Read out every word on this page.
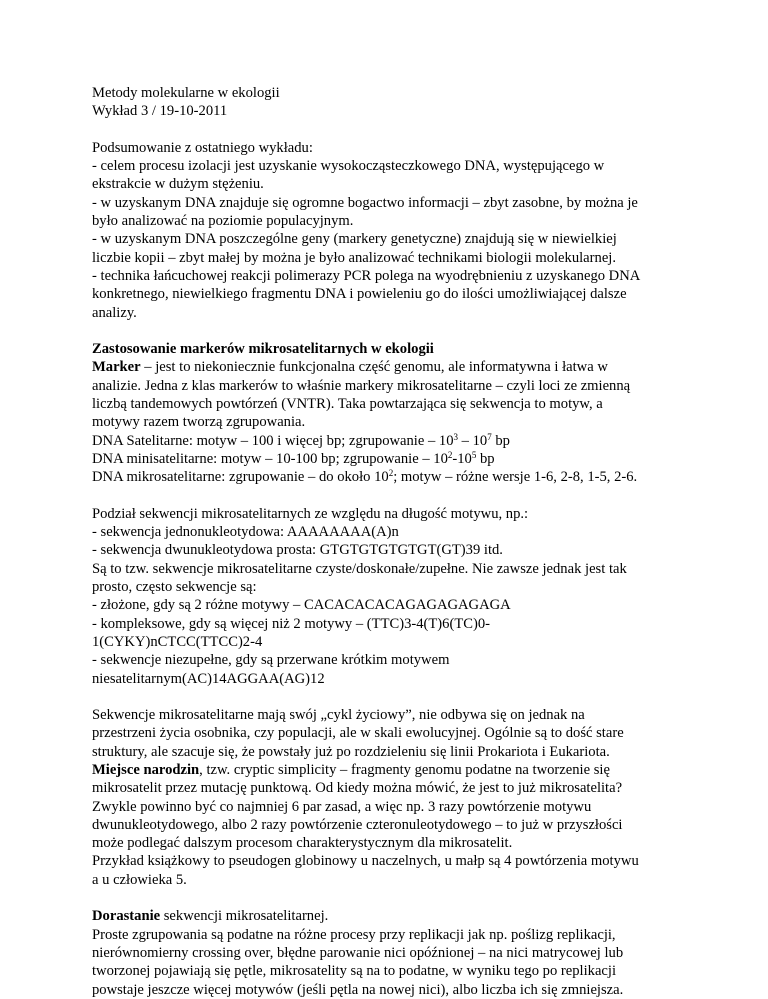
Metody molekularne w ekologii
Wykład 3 / 19-10-2011
Podsumowanie z ostatniego wykładu:
- celem procesu izolacji jest uzyskanie wysokocząsteczkowego DNA, występującego w
ekstrakcie w dużym stężeniu.
- w uzyskanym DNA znajduje się ogromne bogactwo informacji – zbyt zasobne, by można je
było analizować na poziomie populacyjnym.
- w uzyskanym DNA poszczególne geny (markery genetyczne) znajdują się w niewielkiej
liczbie kopii – zbyt małej by można je było analizować technikami biologii molekularnej.
- technika łańcuchowej reakcji polimerazy PCR polega na wyodrębnieniu z uzyskanego DNA
konkretnego, niewielkiego fragmentu DNA i powieleniu go do ilości umożliwiającej dalsze
analizy.
Zastosowanie markerów mikrosatelitarnych w ekologii
Marker – jest to niekoniecznie funkcjonalna część genomu, ale informatywna i łatwa w
analizie. Jedna z klas markerów to właśnie markery mikrosatelitarne – czyli loci ze zmienną
liczbą tandemowych powtórzeń (VNTR). Taka powtarzająca się sekwencja to motyw, a
motywy razem tworzą zgrupowania.
DNA Satelitarne: motyw – 100 i więcej bp; zgrupowanie – $10^3 - 10^7$ bp
DNA minisatelitarne: motyw – 10-100 bp; zgrupowanie – $10^2-10^5$ bp
DNA mikrosatelitarne: zgrupowanie – do około $10^2$; motyw – różne wersje 1-6, 2-8, 1-5, 2-6.
Podział sekwencji mikrosatelitarnych ze względu na długość motywu, np.:
- sekwencja jednonukleotydowa: AAAAAAAA(A)n
- sekwencja dwunukleotydowa prosta: GTGTGTGTGTGT(GT)39 itd.
Są to tzw. sekwencje mikrosatelitarne czyste/doskonałe/zupełne. Nie zawsze jednak jest tak
prosto, często sekwencje są:
- złożone, gdy są 2 różne motywy – CACACACACAGAGAGAGAGA
- kompleksowe, gdy są więcej niż 2 motywy – (TTC)3-4(T)6(TC)0-
1(CYKY)nCTCC(TTCC)2-4
- sekwencje niezupełne, gdy są przerwane krótkim motywem
niesatelitarnym(AC)14AGGAA(AG)12
Sekwencje mikrosatelitarne mają swój „cykl życiowy”, nie odbywa się on jednak na
przestrzeni życia osobnika, czy populacji, ale w skali ewolucyjnej. Ogólnie są to dość stare
struktury, ale szacuje się, że powstały już po rozdzieleniu się linii Prokariota i Eukariota.
Miejsce narodzin, tzw. cryptic simplicity – fragmenty genomu podatne na tworzenie się
mikrosatelit przez mutację punktową. Od kiedy można mówić, że jest to już mikrosatelita?
Zwykle powinno być co najmniej 6 par zasad, a więc np. 3 razy powtórzenie motywu
dwunukleotydowego, albo 2 razy powtórzenie czteronuleotydowego – to już w przyszłości
może podlegać dalszym procesom charakterystycznym dla mikrosatelit.
Przykład książkowy to pseudogen globinowy u naczelnych, u małp są 4 powtórzenia motywu
a u człowieka 5.
Dorastanie sekwencji mikrosatelitarnej.
Proste zgrupowania są podatne na różne procesy przy replikacji jak np. poślizg replikacji,
nierównomierny crossing over, błędne parowanie nici opóźnionej – na nici matrycowej lub
tworzonej pojawiają się pętle, mikrosatelity są na to podatne, w wyniku tego po replikacji
powstaje jeszcze więcej motywów (jeśli pętla na nowej nici), albo liczba ich się zmniejsza.
